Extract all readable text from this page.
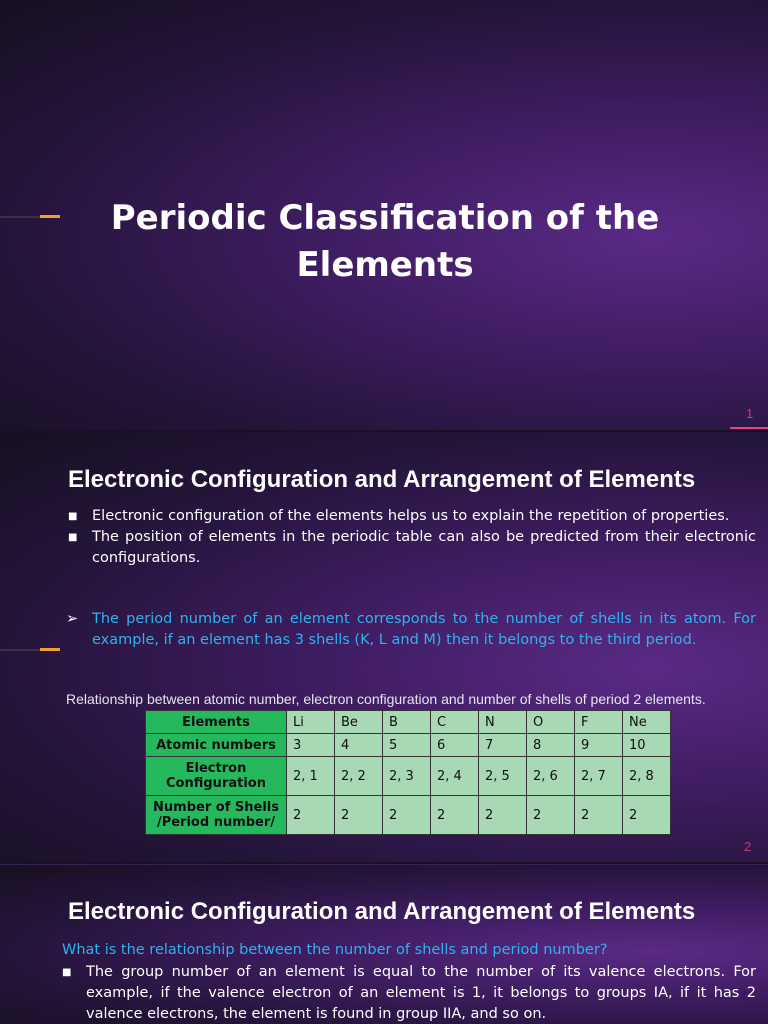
Periodic Classification of the Elements
1
Electronic Configuration and Arrangement of Elements
■ Electronic configuration of the elements helps us to explain the repetition of properties.
■ The position of elements in the periodic table can also be predicted from their electronic configurations.
➢ The period number of an element corresponds to the number of shells in its atom. For example, if an element has 3 shells (K, L and M) then it belongs to the third period.
Relationship between atomic number, electron configuration and number of shells of period 2 elements.
Elements	Li	Be	B	C	N	O	F	Ne
Atomic numbers	3	4	5	6	7	8	9	10
Electron Configuration	2, 1	2, 2	2, 3	2, 4	2, 5	2, 6	2, 7	2, 8
Number of Shells /Period number/	2	2	2	2	2	2	2	2
2
Electronic Configuration and Arrangement of Elements
What is the relationship between the number of shells and period number?
■ The group number of an element is equal to the number of its valence electrons. For example, if the valence electron of an element is 1, it belongs to groups IA, if it has 2 valence electrons, the element is found in group IIA, and so on.
